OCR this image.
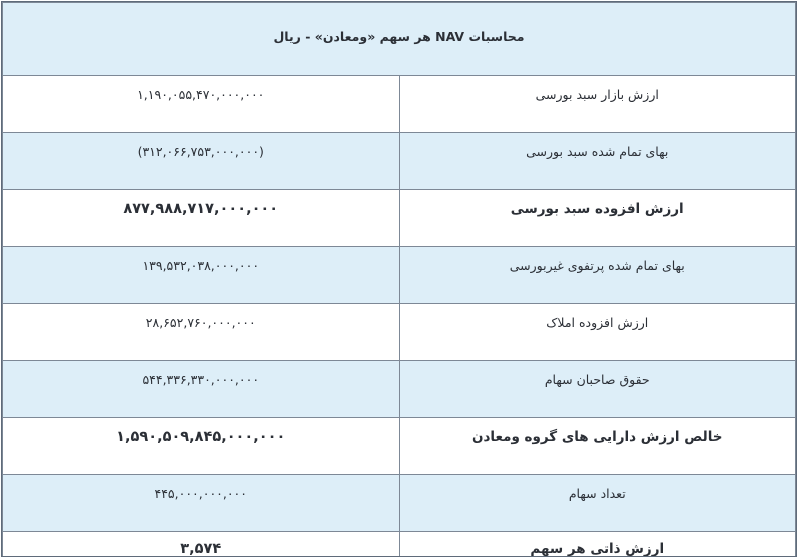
محاسبات NAV هر سهم «ومعادن» - ریال	
۱,۱۹۰,۰۵۵,۴۷۰,۰۰۰,۰۰۰	ارزش بازار سبد بورسی
(۳۱۲,۰۶۶,۷۵۳,۰۰۰,۰۰۰)	بهای تمام شده سبد بورسی
۸۷۷,۹۸۸,۷۱۷,۰۰۰,۰۰۰	ارزش افزوده سبد بورسی
۱۳۹,۵۳۲,۰۳۸,۰۰۰,۰۰۰	بهای تمام شده پرتفوی غیربورسی
۲۸,۶۵۲,۷۶۰,۰۰۰,۰۰۰	ارزش افزوده املاک
۵۴۴,۳۳۶,۳۳۰,۰۰۰,۰۰۰	حقوق صاحبان سهام
۱,۵۹۰,۵۰۹,۸۴۵,۰۰۰,۰۰۰	خالص ارزش دارایی های گروه ومعادن
۴۴۵,۰۰۰,۰۰۰,۰۰۰	تعداد سهام
۳,۵۷۴	ارزش ذاتی هر سهم
